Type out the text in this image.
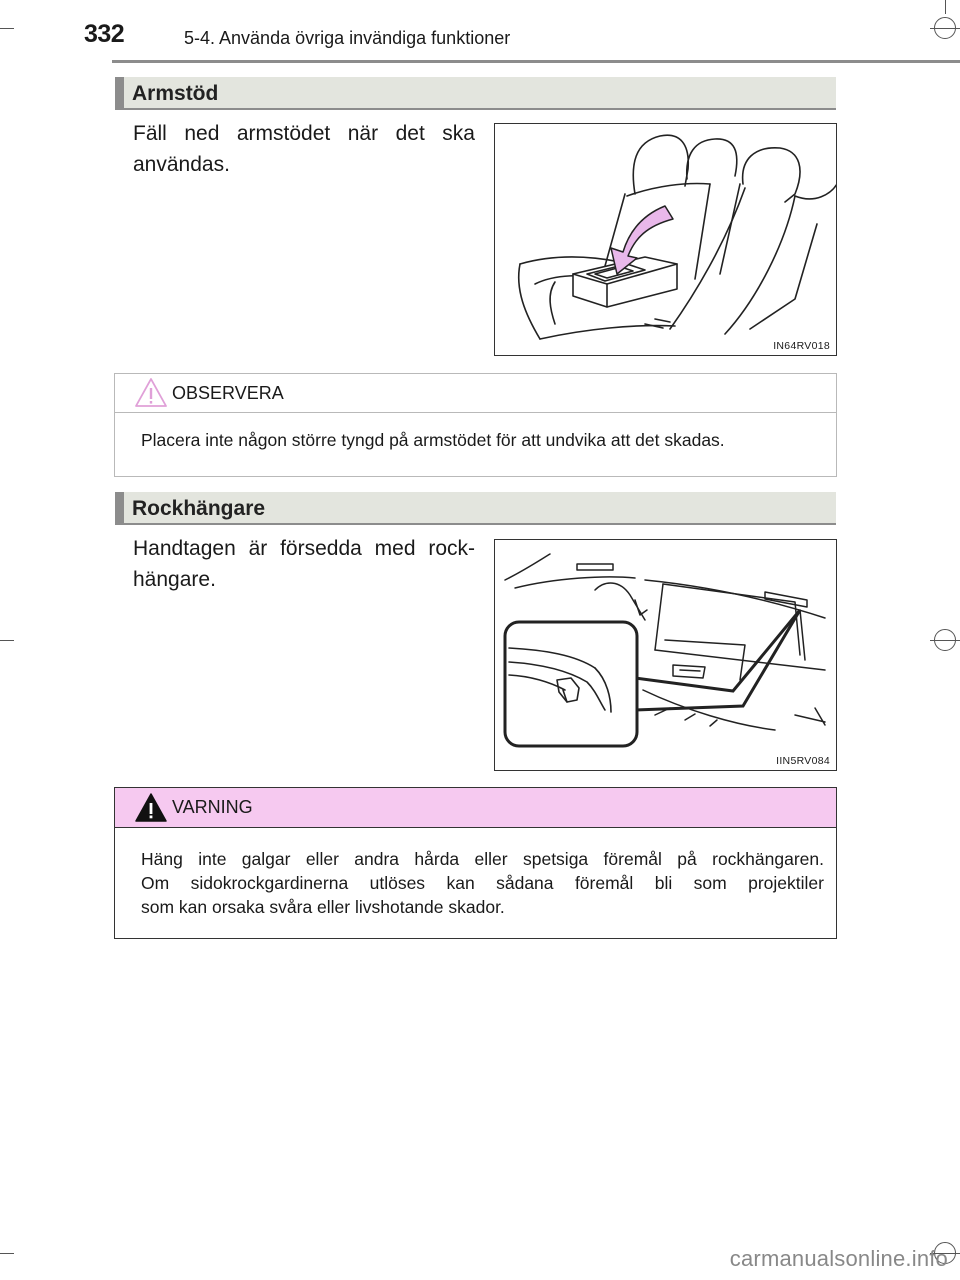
332	5-4. Använda övriga invändiga funktioner
Armstöd
Fäll ned armstödet när det ska användas.
IN64RV018
OBSERVERA
Placera inte någon större tyngd på armstödet för att undvika att det skadas.
Rockhängare
Handtagen är försedda med rock-hängare.
IIN5RV084
VARNING
Häng inte galgar eller andra hårda eller spetsiga föremål på rockhängaren.
Om sidokrockgardinerna utlöses kan sådana föremål bli som projektiler
som kan orsaka svåra eller livshotande skador.
carmanualsonline.info
